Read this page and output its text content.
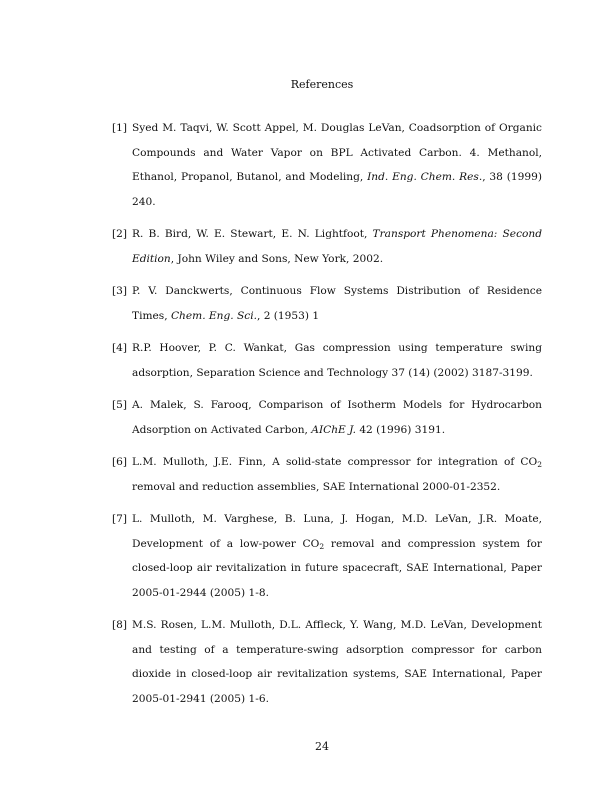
References
[1] Syed M. Taqvi, W. Scott Appel, M. Douglas LeVan, Coadsorption of Organic Compounds and Water Vapor on BPL Activated Carbon. 4. Methanol, Ethanol, Propanol, Butanol, and Modeling, Ind. Eng. Chem. Res., 38 (1999) 240.
[2] R. B. Bird, W. E. Stewart, E. N. Lightfoot, Transport Phenomena: Second Edition, John Wiley and Sons, New York, 2002.
[3] P. V. Danckwerts, Continuous Flow Systems Distribution of Residence Times, Chem. Eng. Sci., 2 (1953) 1
[4] R.P. Hoover, P. C. Wankat, Gas compression using temperature swing adsorption, Separation Science and Technology 37 (14) (2002) 3187-3199.
[5] A. Malek, S. Farooq, Comparison of Isotherm Models for Hydrocarbon Adsorption on Activated Carbon, AIChE J. 42 (1996) 3191.
[6] L.M. Mulloth, J.E. Finn, A solid-state compressor for integration of $CO_2$ removal and reduction assemblies, SAE International 2000-01-2352.
[7] L. Mulloth, M. Varghese, B. Luna, J. Hogan, M.D. LeVan, J.R. Moate, Development of a low-power $CO_2$ removal and compression system for closed-loop air revitalization in future spacecraft, SAE International, Paper 2005-01-2944 (2005) 1-8.
[8] M.S. Rosen, L.M. Mulloth, D.L. Affleck, Y. Wang, M.D. LeVan, Development and testing of a temperature-swing adsorption compressor for carbon dioxide in closed-loop air revitalization systems, SAE International, Paper 2005-01-2941 (2005) 1-6.
24
